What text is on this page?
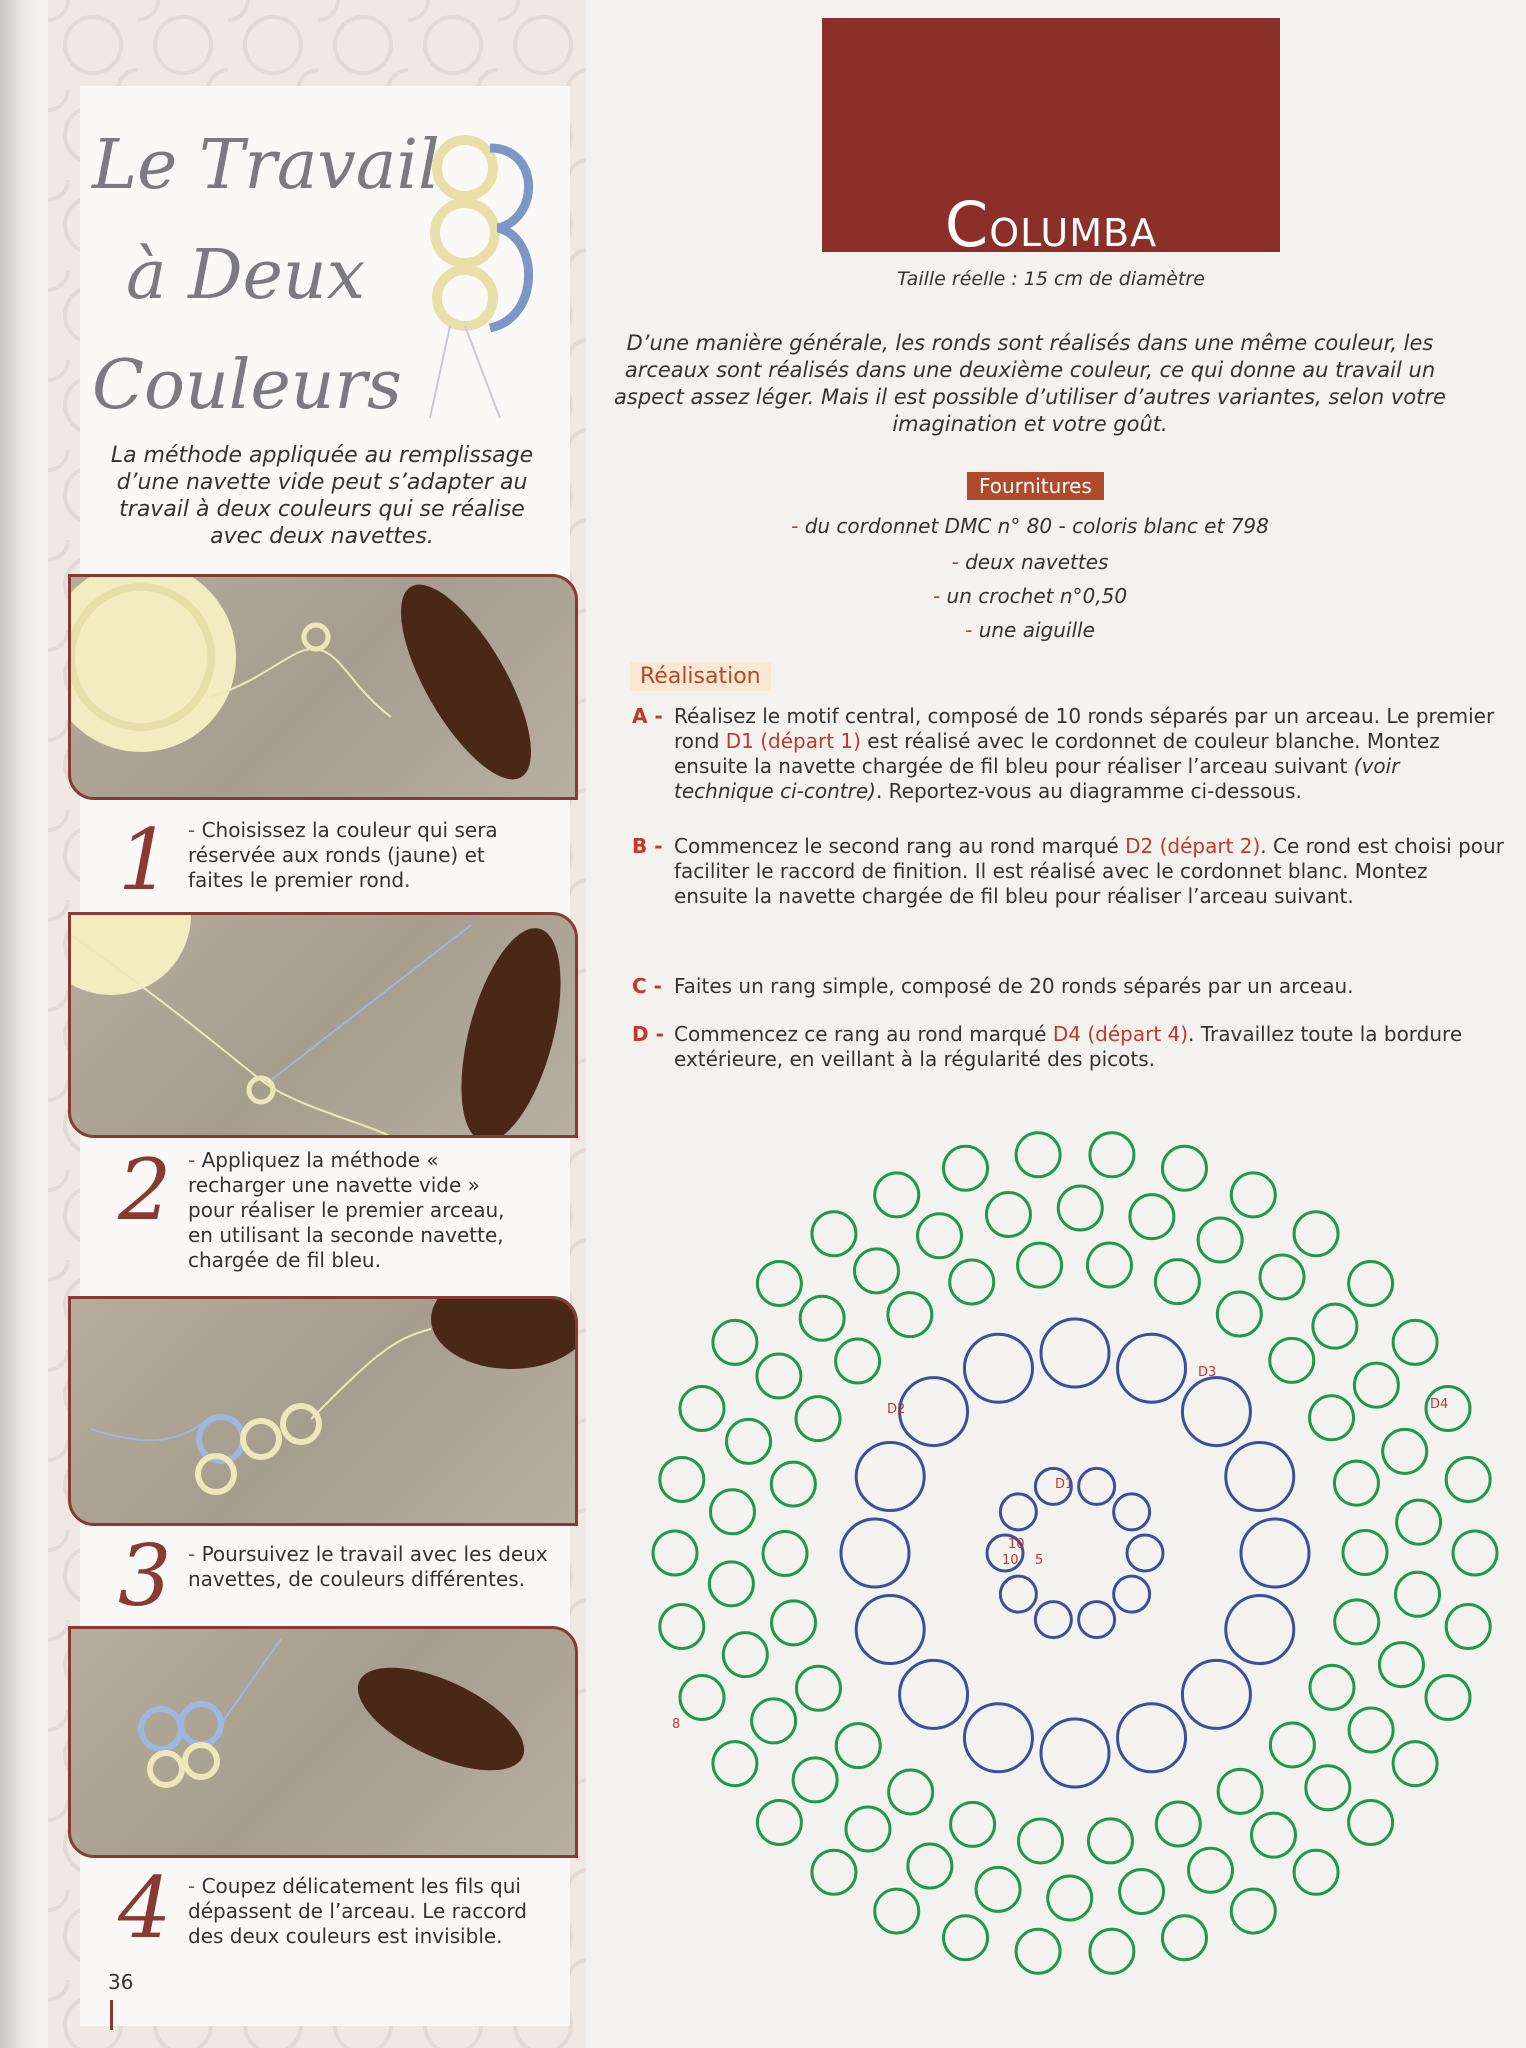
Le Travail
à Deux
Couleurs
La méthode appliquée au remplissage d’une navette vide peut s’adapter au travail à deux couleurs qui se réalise avec deux navettes.
1 - Choisissez la couleur qui sera réservée aux ronds (jaune) et faites le premier rond.
2 - Appliquez la méthode « recharger une navette vide » pour réaliser le premier arceau, en utilisant la seconde navette, chargée de fil bleu.
3 - Poursuivez le travail avec les deux navettes, de couleurs différentes.
4 - Coupez délicatement les fils qui dépassent de l’arceau. Le raccord des deux couleurs est invisible.
36
COLUMBA
Taille réelle : 15 cm de diamètre
D’une manière générale, les ronds sont réalisés dans une même couleur, les arceaux sont réalisés dans une deuxième couleur, ce qui donne au travail un aspect assez léger. Mais il est possible d’utiliser d’autres variantes, selon votre imagination et votre goût.
Fournitures
- du cordonnet DMC n° 80 - coloris blanc et 798
- deux navettes
- un crochet n°0,50
- une aiguille
Réalisation
A - Réalisez le motif central, composé de 10 ronds séparés par un arceau. Le premier rond D1 (départ 1) est réalisé avec le cordonnet de couleur blanche. Montez ensuite la navette chargée de fil bleu pour réaliser l’arceau suivant (voir technique ci-contre). Reportez-vous au diagramme ci-dessous.
B - Commencez le second rang au rond marqué D2 (départ 2). Ce rond est choisi pour faciliter le raccord de finition. Il est réalisé avec le cordonnet blanc. Montez ensuite la navette chargée de fil bleu pour réaliser l’arceau suivant.
C - Faites un rang simple, composé de 20 ronds séparés par un arceau.
D - Commencez ce rang au rond marqué D4 (départ 4). Travaillez toute la bordure extérieure, en veillant à la régularité des picots.
D1
D2
D3
D4
10
10 5
8
